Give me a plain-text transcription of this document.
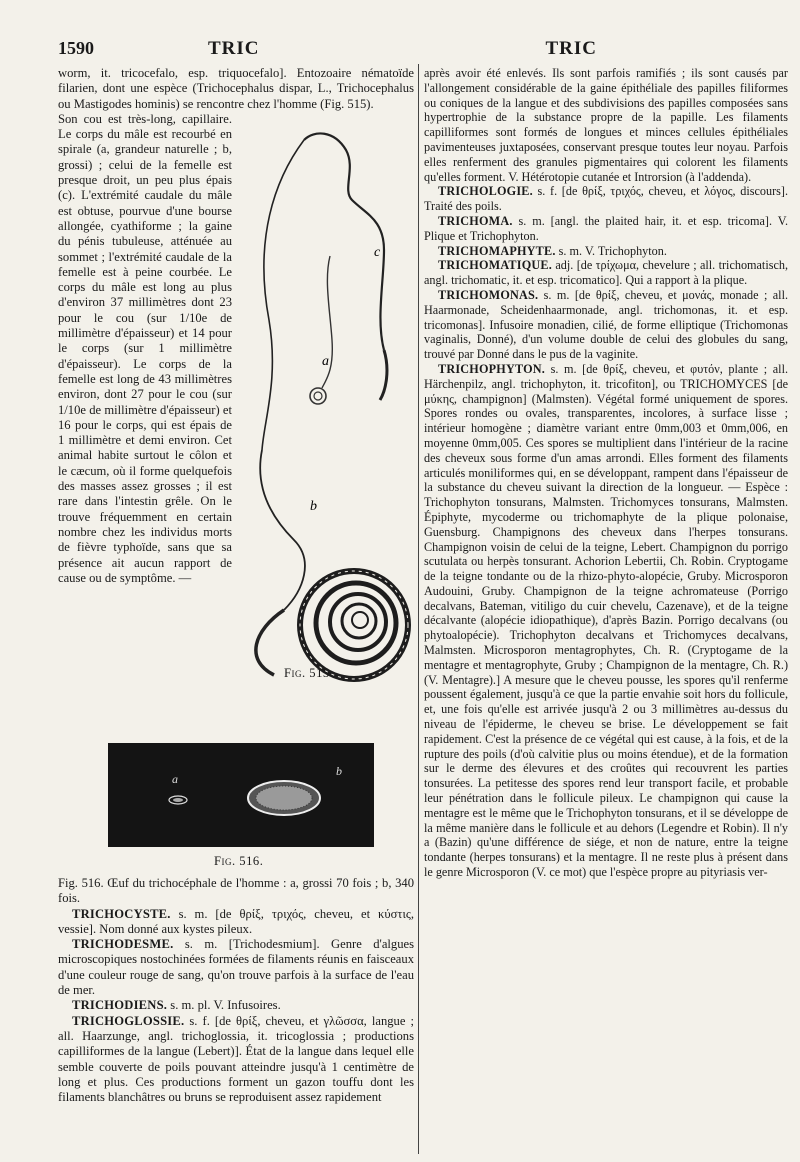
1590	TRIC	TRIC

worm, it. tricocefalo, esp. triquocefalo]. Entozoaire nématoïde filarien, dont une espèce (Trichocephalus dispar, L., Trichocephalus ou Mastigodes hominis) se rencontre chez l'homme (Fig. 515).

Son cou est très-long, capillaire. Le corps du mâle est recourbé en spirale (a, grandeur naturelle ; b, grossi) ; celui de la femelle est presque droit, un peu plus épais (c). L'extrémité caudale du mâle est obtuse, pourvue d'une bourse allongée, cyathiforme ; la gaine du pénis tubuleuse, atténuée au sommet ; l'extrémité caudale de la femelle est à peine courbée. Le corps du mâle est long au plus d'environ 37 millimètres dont 23 pour le cou (sur 1/10e de millimètre d'épaisseur) et 14 pour le corps (sur 1 millimètre d'épaisseur). Le corps de la femelle est long de 43 millimètres environ, dont 27 pour le cou (sur 1/10e de millimètre d'épaisseur) et 16 pour le corps, qui est épais de 1 millimètre et demi environ. Cet animal habite surtout le côlon et le cæcum, où il forme quelquefois des masses assez grosses ; il est rare dans l'intestin grêle. On le trouve fréquemment en certain nombre chez les individus morts de fièvre typhoïde, sans que sa présence ait aucun rapport de cause ou de symptôme. —

a
b
c
Fig. 515.
a
b
Fig. 516.

Fig. 516. Œuf du trichocéphale de l'homme : a, grossi 70 fois ; b, 340 fois.

TRICHOCYSTE. s. m. [de θρίξ, τριχός, cheveu, et κύστις, vessie]. Nom donné aux kystes pileux.

TRICHODESME. s. m. [Trichodesmium]. Genre d'algues microscopiques nostochinées formées de filaments réunis en faisceaux d'une couleur rouge de sang, qu'on trouve parfois à la surface de l'eau de mer.

TRICHODIENS. s. m. pl. V. Infusoires.

TRICHOGLOSSIE. s. f. [de θρίξ, cheveu, et γλῶσσα, langue ; all. Haarzunge, angl. trichoglossia, it. tricoglossia ; productions capilliformes de la langue (Lebert)]. État de la langue dans lequel elle semble couverte de poils pouvant atteindre jusqu'à 1 centimètre de long et plus. Ces productions forment un gazon touffu dont les filaments blanchâtres ou bruns se reproduisent assez rapidement

après avoir été enlevés. Ils sont parfois ramifiés ; ils sont causés par l'allongement considérable de la gaine épithéliale des papilles filiformes ou coniques de la langue et des subdivisions des papilles composées sans hypertrophie de la substance propre de la papille. Les filaments capilliformes sont formés de longues et minces cellules épithéliales pavimenteuses juxtaposées, conservant presque toutes leur noyau. Parfois elles renferment des granules pigmentaires qui colorent les filaments qu'elles forment. V. Hétérotopie cutanée et Introrsion (à l'addenda).

TRICHOLOGIE. s. f. [de θρίξ, τριχός, cheveu, et λόγος, discours]. Traité des poils.

TRICHOMA. s. m. [angl. the plaited hair, it. et esp. tricoma]. V. Plique et Trichophyton.

TRICHOMAPHYTE. s. m. V. Trichophyton.

TRICHOMATIQUE. adj. [de τρίχωμα, chevelure ; all. trichomatisch, angl. trichomatic, it. et esp. tricomatico]. Qui a rapport à la plique.

TRICHOMONAS. s. m. [de θρίξ, cheveu, et μονάς, monade ; all. Haarmonade, Scheidenhaarmonade, angl. trichomonas, it. et esp. tricomonas]. Infusoire monadien, cilié, de forme elliptique (Trichomonas vaginalis, Donné), d'un volume double de celui des globules du sang, trouvé par Donné dans le pus de la vaginite.

TRICHOPHYTON. s. m. [de θρίξ, cheveu, et φυτόν, plante ; all. Härchenpilz, angl. trichophyton, it. tricofiton], ou TRICHOMYCES [de μύκης, champignon] (Malmsten). Végétal formé uniquement de spores. Spores rondes ou ovales, transparentes, incolores, à surface lisse ; intérieur homogène ; diamètre variant entre 0mm,003 et 0mm,006, en moyenne 0mm,005. Ces spores se multiplient dans l'intérieur de la racine des cheveux sous forme d'un amas arrondi. Elles forment des filaments articulés moniliformes qui, en se développant, rampent dans l'épaisseur de la substance du cheveu suivant la direction de la longueur. — Espèce : Trichophyton tonsurans, Malmsten. Trichomyces tonsurans, Malmsten. Épiphyte, mycoderme ou trichomaphyte de la plique polonaise, Guensburg. Champignons des cheveux dans l'herpes tonsurans. Champignon voisin de celui de la teigne, Lebert. Champignon du porrigo scutulata ou herpès tonsurant. Achorion Lebertii, Ch. Robin. Cryptogame de la teigne tondante ou de la rhizo-phyto-alopécie, Gruby. Microsporon Audouini, Gruby. Champignon de la teigne achromateuse (Porrigo decalvans, Bateman, vitiligo du cuir chevelu, Cazenave), et de la teigne décalvante (alopécie idiopathique), d'après Bazin. Porrigo decalvans (ou phytoalopécie). Trichophyton decalvans et Trichomyces decalvans, Malmsten. Microsporon mentagrophytes, Ch. R. (Cryptogame de la mentagre et mentagrophyte, Gruby ; Champignon de la mentagre, Ch. R.) (V. Mentagre).] A mesure que le cheveu pousse, les spores qu'il renferme poussent également, jusqu'à ce que la partie envahie soit hors du follicule, et, une fois qu'elle est arrivée jusqu'à 2 ou 3 millimètres au-dessus du niveau de l'épiderme, le cheveu se brise. Le développement se fait rapidement. C'est la présence de ce végétal qui est cause, à la fois, et de la rupture des poils (d'où calvitie plus ou moins étendue), et de la formation sur le derme des élevures et des croûtes qui recouvrent les parties tonsurées. La petitesse des spores rend leur transport facile, et probable leur pénétration dans le follicule pileux. Le champignon qui cause la mentagre est le même que le Trichophyton tonsurans, et il se développe de la même manière dans le follicule et au dehors (Legendre et Robin). Il n'y a (Bazin) qu'une différence de siége, et non de nature, entre la teigne tondante (herpes tonsurans) et la mentagre. Il ne reste plus à présent dans le genre Microsporon (V. ce mot) que l'espèce propre au pityriasis ver-
